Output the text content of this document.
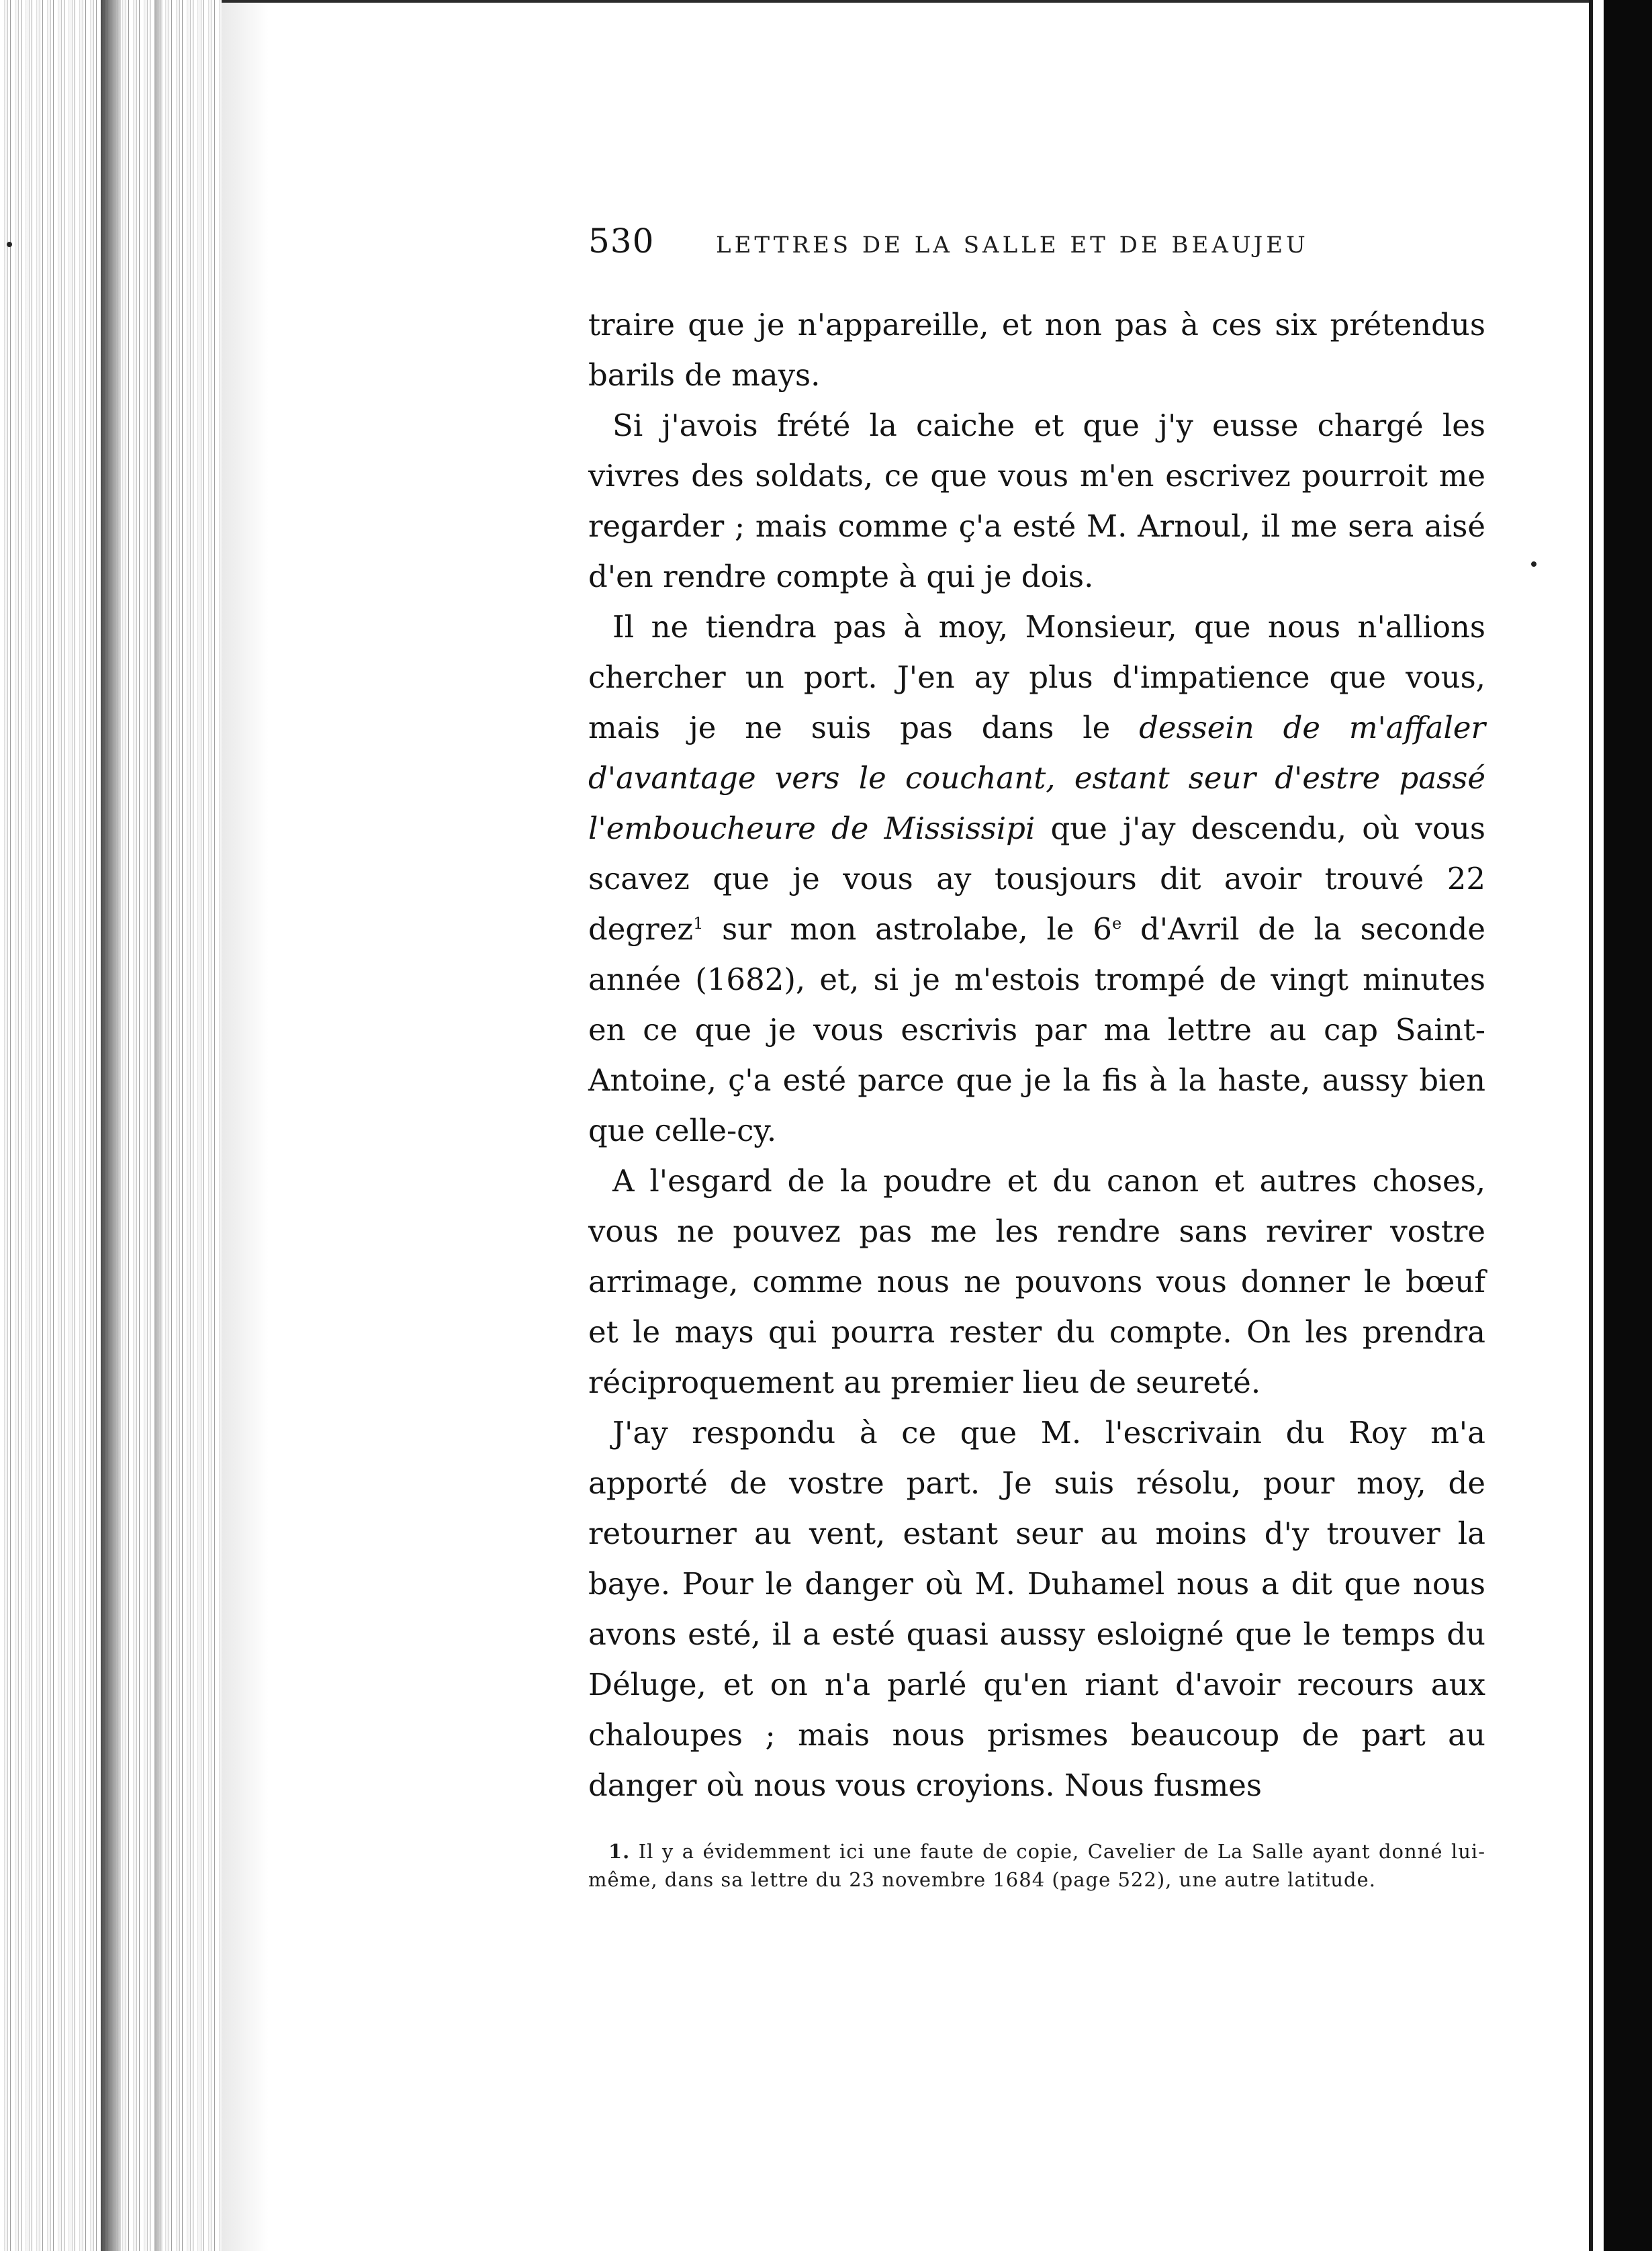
530	LETTRES DE LA SALLE ET DE BEAUJEU

traire que je n'appareille, et non pas à ces six prétendus barils de mays.

Si j'avois frété la caiche et que j'y eusse chargé les vivres des soldats, ce que vous m'en escrivez pourroit me regarder ; mais comme ç'a esté M. Arnoul, il me sera aisé d'en rendre compte à qui je dois.

Il ne tiendra pas à moy, Monsieur, que nous n'allions chercher un port. J'en ay plus d'impatience que vous, mais je ne suis pas dans le dessein de m'affaler d'avantage vers le couchant, estant seur d'estre passé l'emboucheure de Mississipi que j'ay descendu, où vous scavez que je vous ay tousjours dit avoir trouvé 22 degrez$^1$ sur mon astrolabe, le 6e d'Avril de la seconde année (1682), et, si je m'estois trompé de vingt minutes en ce que je vous escrivis par ma lettre au cap Saint-Antoine, ç'a esté parce que je la fis à la haste, aussy bien que celle-cy.

A l'esgard de la poudre et du canon et autres choses, vous ne pouvez pas me les rendre sans revirer vostre arrimage, comme nous ne pouvons vous donner le bœuf et le mays qui pourra rester du compte. On les prendra réciproquement au premier lieu de seureté.

J'ay respondu à ce que M. l'escrivain du Roy m'a apporté de vostre part. Je suis résolu, pour moy, de retourner au vent, estant seur au moins d'y trouver la baye. Pour le danger où M. Duhamel nous a dit que nous avons esté, il a esté quasi aussy esloigné que le temps du Déluge, et on n'a parlé qu'en riant d'avoir recours aux chaloupes ; mais nous prismes beaucoup de part au danger où nous vous croyions. Nous fusmes

1. Il y a évidemment ici une faute de copie, Cavelier de La Salle ayant donné lui-même, dans sa lettre du 23 novembre 1684 (page 522), une autre latitude.
